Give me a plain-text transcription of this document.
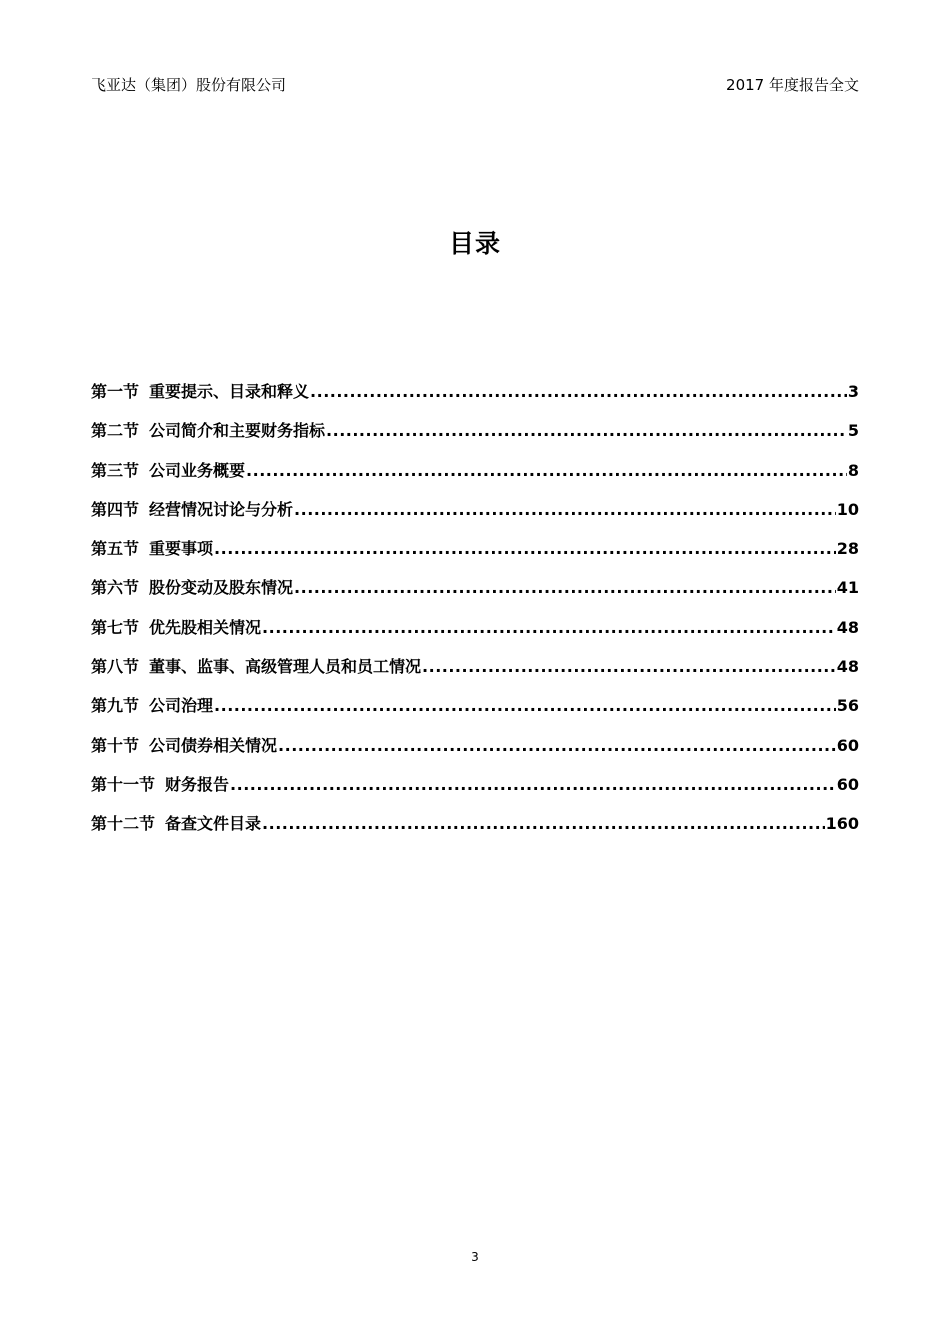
飞亚达（集团）股份有限公司	2017 年度报告全文
目录
第一节 重要提示、目录和释义 .....	3
第二节 公司简介和主要财务指标 .....	5
第三节 公司业务概要 .....	8
第四节 经营情况讨论与分析 .....	10
第五节 重要事项 .....	28
第六节 股份变动及股东情况 .....	41
第七节 优先股相关情况 .....	48
第八节 董事、监事、高级管理人员和员工情况 .....	48
第九节 公司治理 .....	56
第十节 公司债券相关情况 .....	60
第十一节 财务报告 .....	60
第十二节 备查文件目录 .....	160
3
